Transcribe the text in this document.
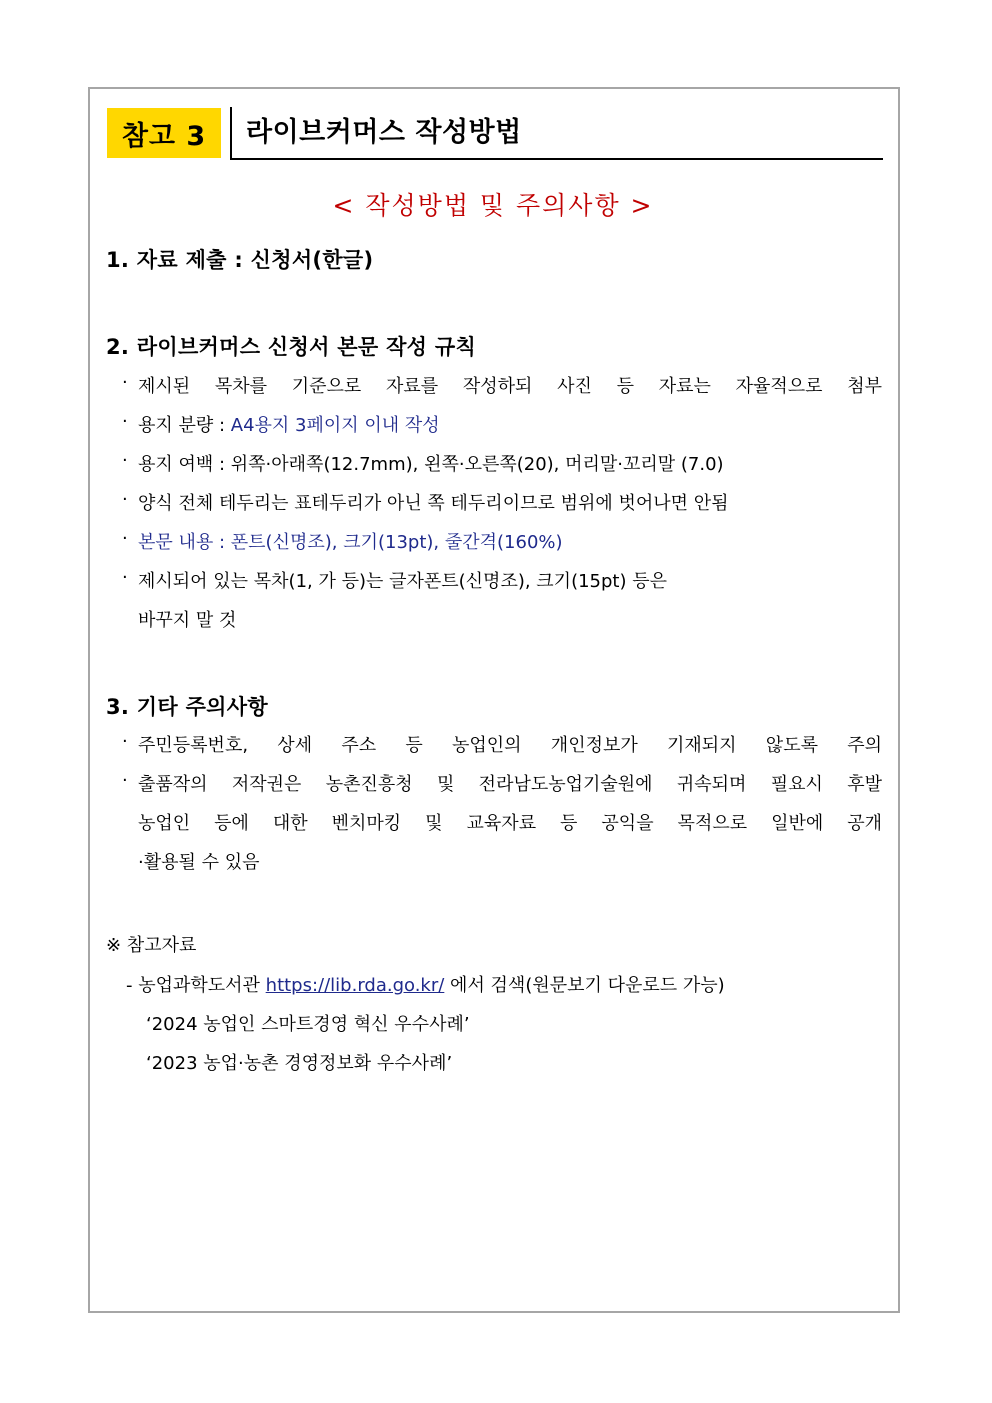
참고 3	라이브커머스 작성방법
< 작성방법 및 주의사항 >
1. 자료 제출 : 신청서(한글)
2. 라이브커머스 신청서 본문 작성 규칙
· 제시된 목차를 기준으로 자료를 작성하되 사진 등 자료는 자율적으로 첨부
· 용지 분량 : A4용지 3페이지 이내 작성
· 용지 여백 : 위쪽·아래쪽(12.7mm), 왼쪽·오른쪽(20), 머리말·꼬리말 (7.0)
· 양식 전체 테두리는 표테두리가 아닌 쪽 테두리이므로 범위에 벗어나면 안됨
· 본문 내용 : 폰트(신명조), 크기(13pt), 줄간격(160%)
· 제시되어 있는 목차(1, 가 등)는 글자폰트(신명조), 크기(15pt) 등은
바꾸지 말 것
3. 기타 주의사항
· 주민등록번호, 상세 주소 등 농업인의 개인정보가 기재되지 않도록 주의
· 출품작의 저작권은 농촌진흥청 및 전라남도농업기술원에 귀속되며 필요시 후발
농업인 등에 대한 벤치마킹 및 교육자료 등 공익을 목적으로 일반에 공개
·활용될 수 있음
※ 참고자료
- 농업과학도서관 https://lib.rda.go.kr/ 에서 검색(원문보기 다운로드 가능)
‘2024 농업인 스마트경영 혁신 우수사례’
‘2023 농업·농촌 경영정보화 우수사례’
